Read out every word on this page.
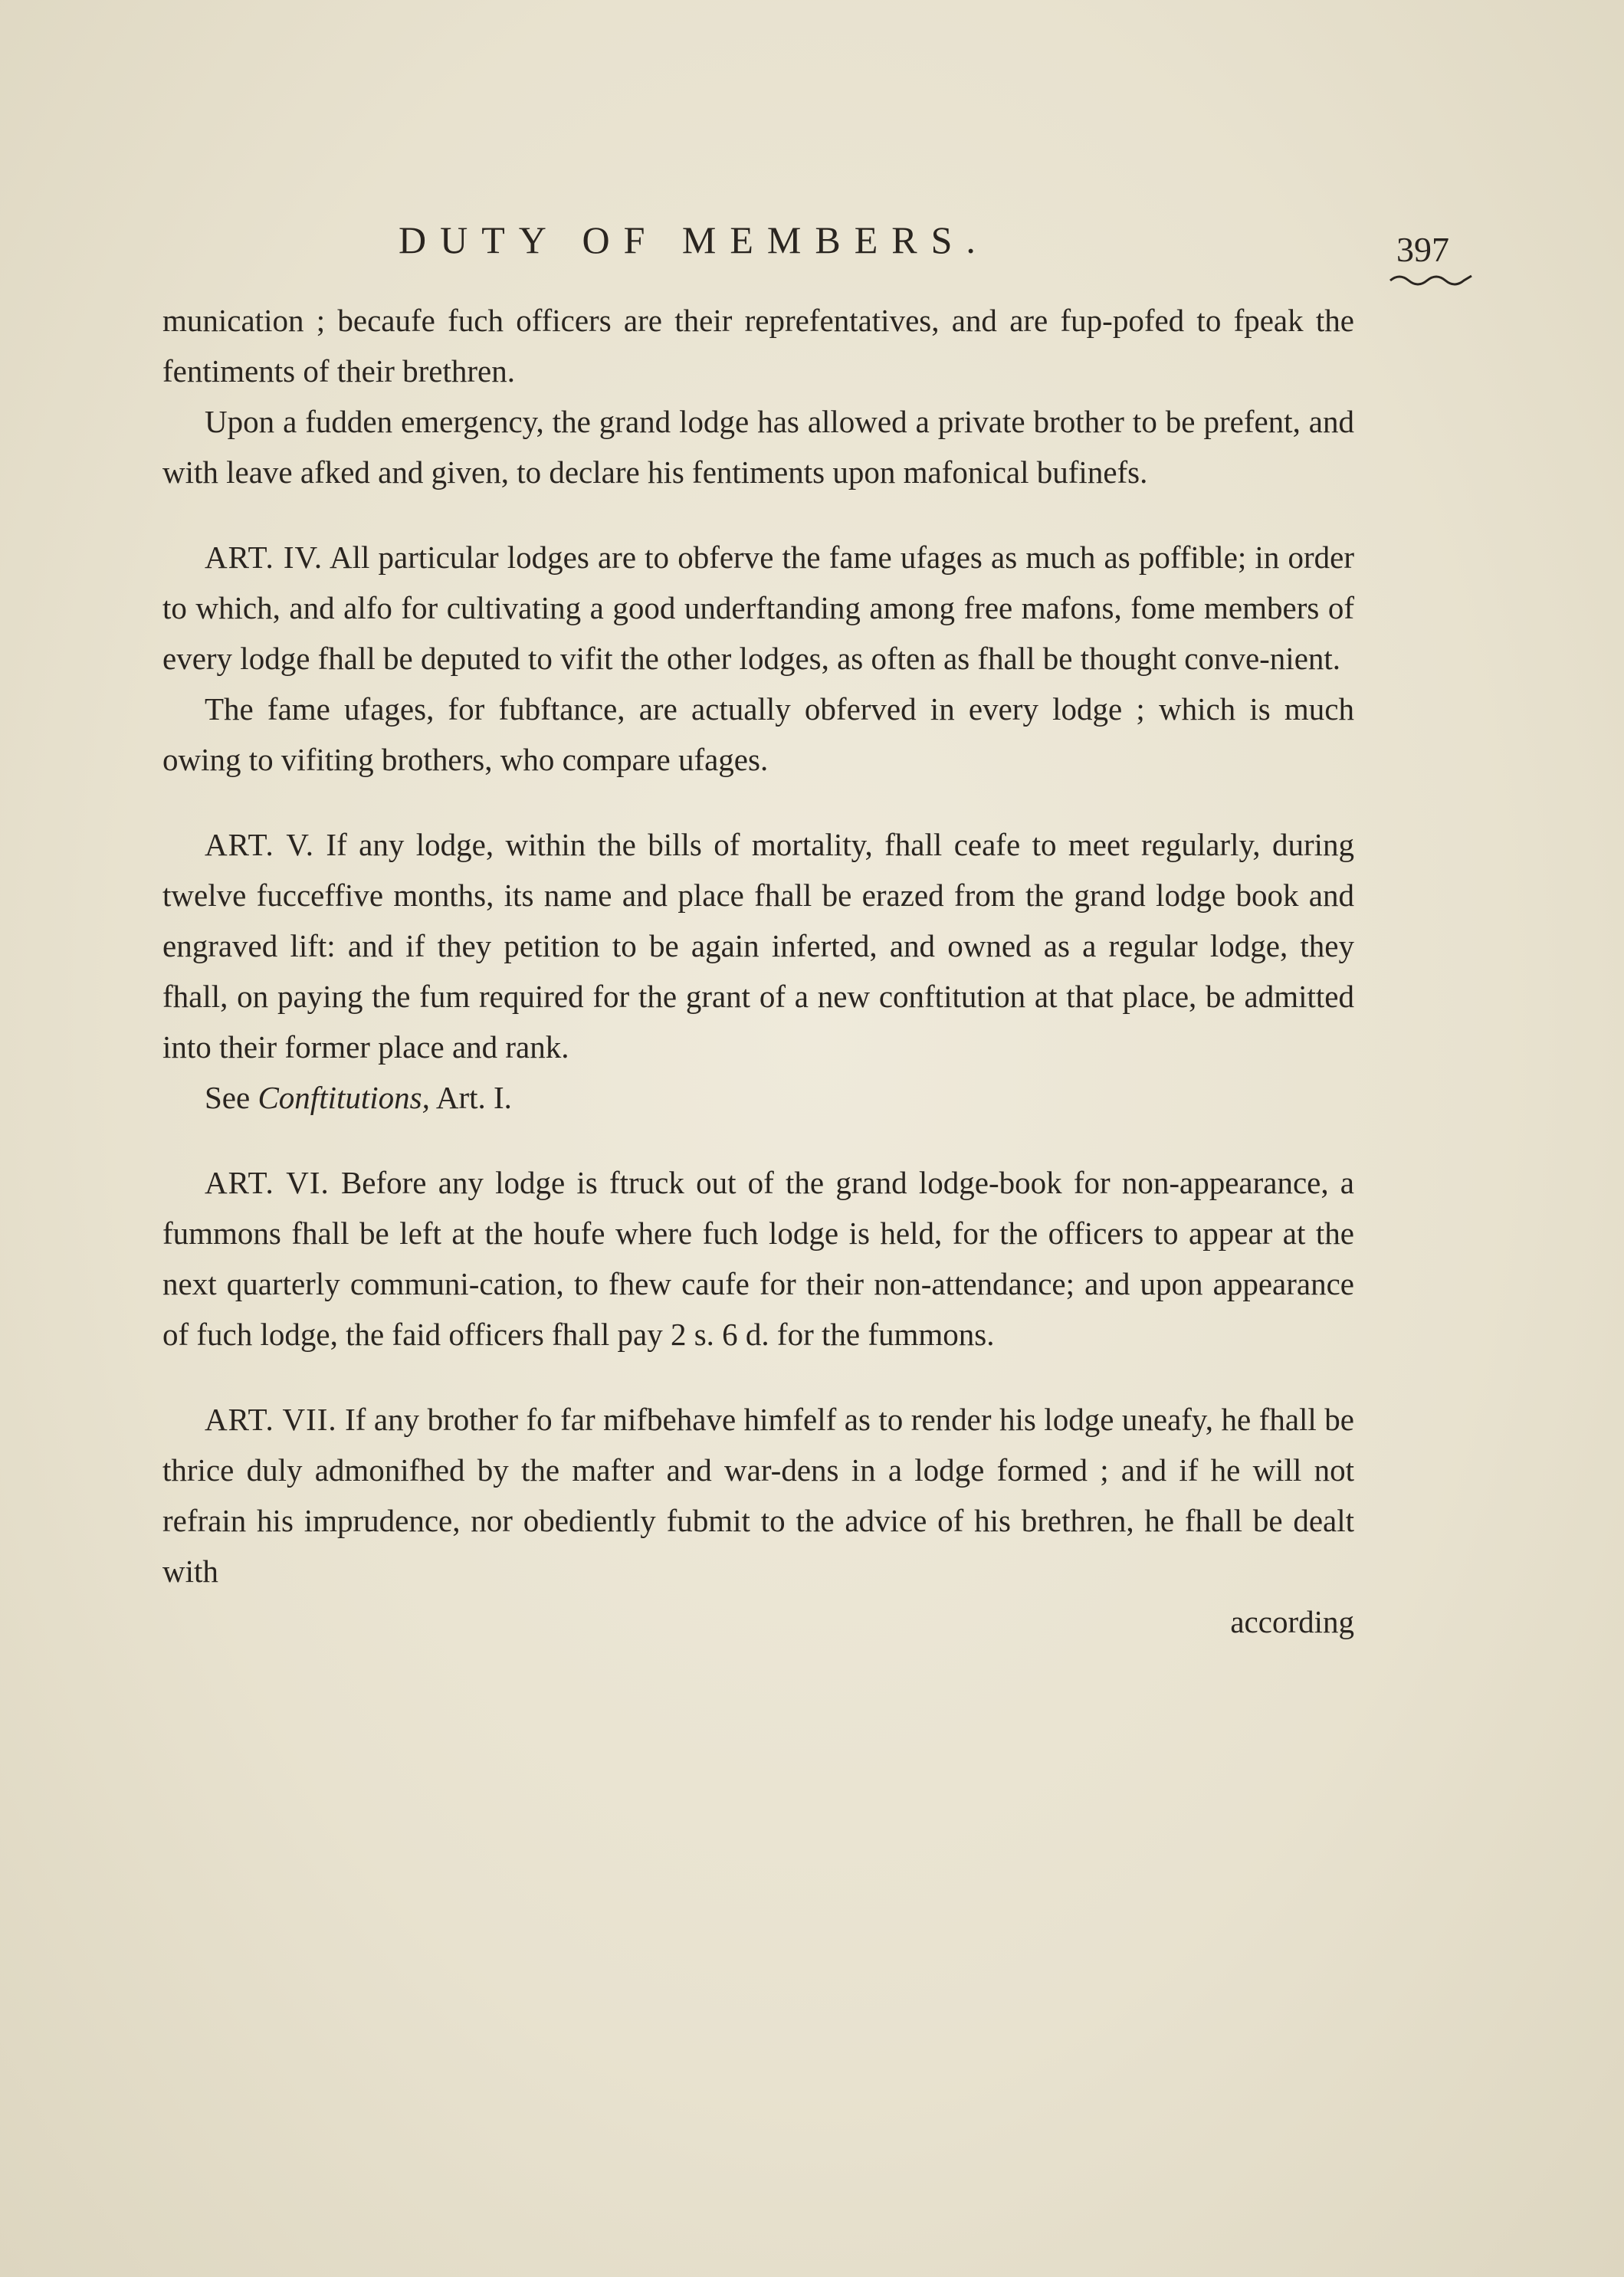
DUTY OF MEMBERS.	397

munication ; becaufe fuch officers are their reprefentatives, and are fup-pofed to fpeak the fentiments of their brethren.

Upon a fudden emergency, the grand lodge has allowed a private brother to be prefent, and with leave afked and given, to declare his fentiments upon mafonical bufinefs.

ART. IV. All particular lodges are to obferve the fame ufages as much as poffible; in order to which, and alfo for cultivating a good underftanding among free mafons, fome members of every lodge fhall be deputed to vifit the other lodges, as often as fhall be thought conve-nient.

The fame ufages, for fubftance, are actually obferved in every lodge ; which is much owing to vifiting brothers, who compare ufages.

ART. V. If any lodge, within the bills of mortality, fhall ceafe to meet regularly, during twelve fucceffive months, its name and place fhall be erazed from the grand lodge book and engraved lift: and if they petition to be again inferted, and owned as a regular lodge, they fhall, on paying the fum required for the grant of a new conftitution at that place, be admitted into their former place and rank.

See Conftitutions, Art. I.

ART. VI. Before any lodge is ftruck out of the grand lodge-book for non-appearance, a fummons fhall be left at the houfe where fuch lodge is held, for the officers to appear at the next quarterly communi-cation, to fhew caufe for their non-attendance; and upon appearance of fuch lodge, the faid officers fhall pay 2 s. 6 d. for the fummons.

ART. VII. If any brother fo far mifbehave himfelf as to render his lodge uneafy, he fhall be thrice duly admonifhed by the mafter and war-dens in a lodge formed ; and if he will not refrain his imprudence, nor obediently fubmit to the advice of his brethren, he fhall be dealt with

according
